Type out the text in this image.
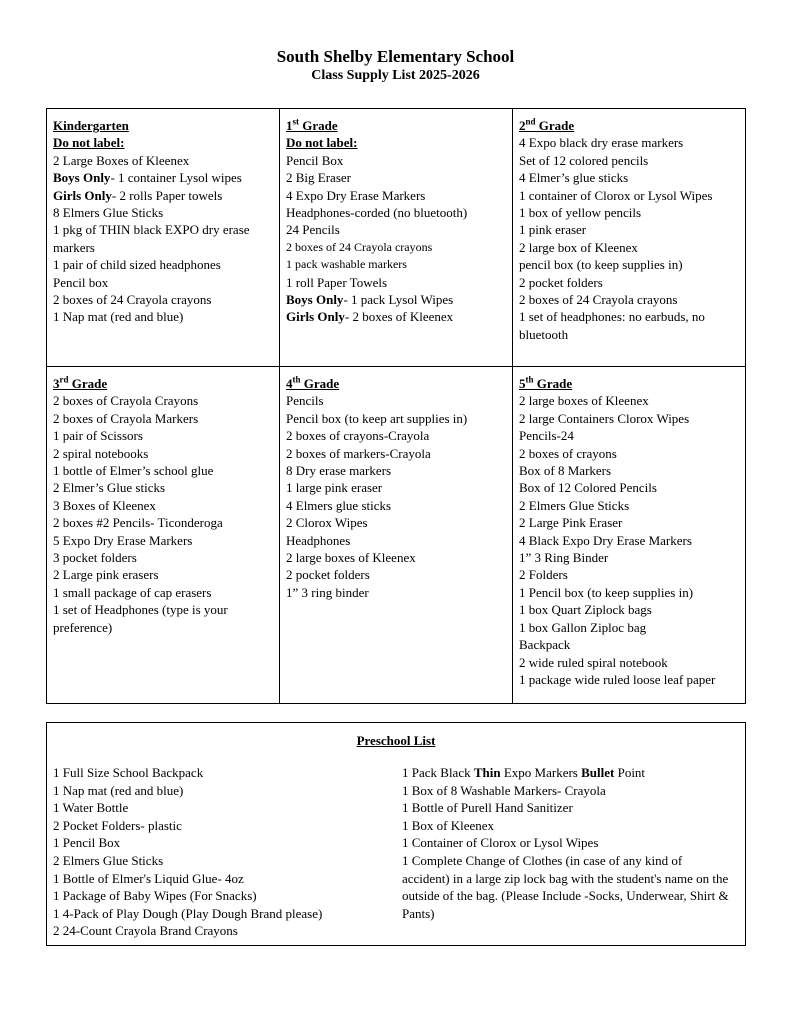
South Shelby Elementary School
Class Supply List 2025-2026
Kindergarten
Do not label:
2 Large Boxes of Kleenex
Boys Only- 1 container Lysol wipes
Girls Only- 2 rolls Paper towels
8 Elmers Glue Sticks
1 pkg of THIN black EXPO dry erase markers
1 pair of child sized headphones
Pencil box
2 boxes of 24 Crayola crayons
1 Nap mat (red and blue)
1st Grade
Do not label:
Pencil Box
2 Big Eraser
4 Expo Dry Erase Markers
Headphones-corded (no bluetooth)
24 Pencils
2 boxes of 24 Crayola crayons
1 pack washable markers
1 roll Paper Towels
Boys Only- 1 pack Lysol Wipes
Girls Only- 2 boxes of Kleenex
2nd Grade
4 Expo black dry erase markers
Set of 12 colored pencils
4 Elmer’s glue sticks
1 container of Clorox or Lysol Wipes
1 box of yellow pencils
1 pink eraser
2 large box of Kleenex
pencil box (to keep supplies in)
2 pocket folders
2 boxes of 24 Crayola crayons
1 set of headphones: no earbuds, no bluetooth
3rd Grade
2 boxes of Crayola Crayons
2 boxes of Crayola Markers
1 pair of Scissors
2 spiral notebooks
1 bottle of Elmer’s school glue
2 Elmer’s Glue sticks
3 Boxes of Kleenex
2 boxes #2 Pencils- Ticonderoga
5 Expo Dry Erase Markers
3 pocket folders
2 Large pink erasers
1 small package of cap erasers
1 set of Headphones (type is your preference)
4th Grade
Pencils
Pencil box (to keep art supplies in)
2 boxes of crayons-Crayola
2 boxes of markers-Crayola
8 Dry erase markers
1 large pink eraser
4 Elmers glue sticks
2 Clorox Wipes
Headphones
2 large boxes of Kleenex
2 pocket folders
1” 3 ring binder
5th Grade
2 large boxes of Kleenex
2 large Containers Clorox Wipes
Pencils-24
2 boxes of crayons
Box of 8 Markers
Box of 12 Colored Pencils
2 Elmers Glue Sticks
2 Large Pink Eraser
4 Black Expo Dry Erase Markers
1” 3 Ring Binder
2 Folders
1 Pencil box (to keep supplies in)
1 box Quart Ziplock bags
1 box Gallon Ziploc bag
Backpack
2 wide ruled spiral notebook
1 package wide ruled loose leaf paper
Preschool List
1 Full Size School Backpack
1 Nap mat (red and blue)
1 Water Bottle
2 Pocket Folders- plastic
1 Pencil Box
2 Elmers Glue Sticks
1 Bottle of Elmer's Liquid Glue- 4oz
1 Package of Baby Wipes (For Snacks)
1 4-Pack of Play Dough (Play Dough Brand please)
2 24-Count Crayola Brand Crayons
1 Pack Black Thin Expo Markers Bullet Point
1 Box of 8 Washable Markers- Crayola
1 Bottle of Purell Hand Sanitizer
1 Box of Kleenex
1 Container of Clorox or Lysol Wipes
1 Complete Change of Clothes (in case of any kind of accident) in a large zip lock bag with the student's name on the outside of the bag. (Please Include -Socks, Underwear, Shirt & Pants)
